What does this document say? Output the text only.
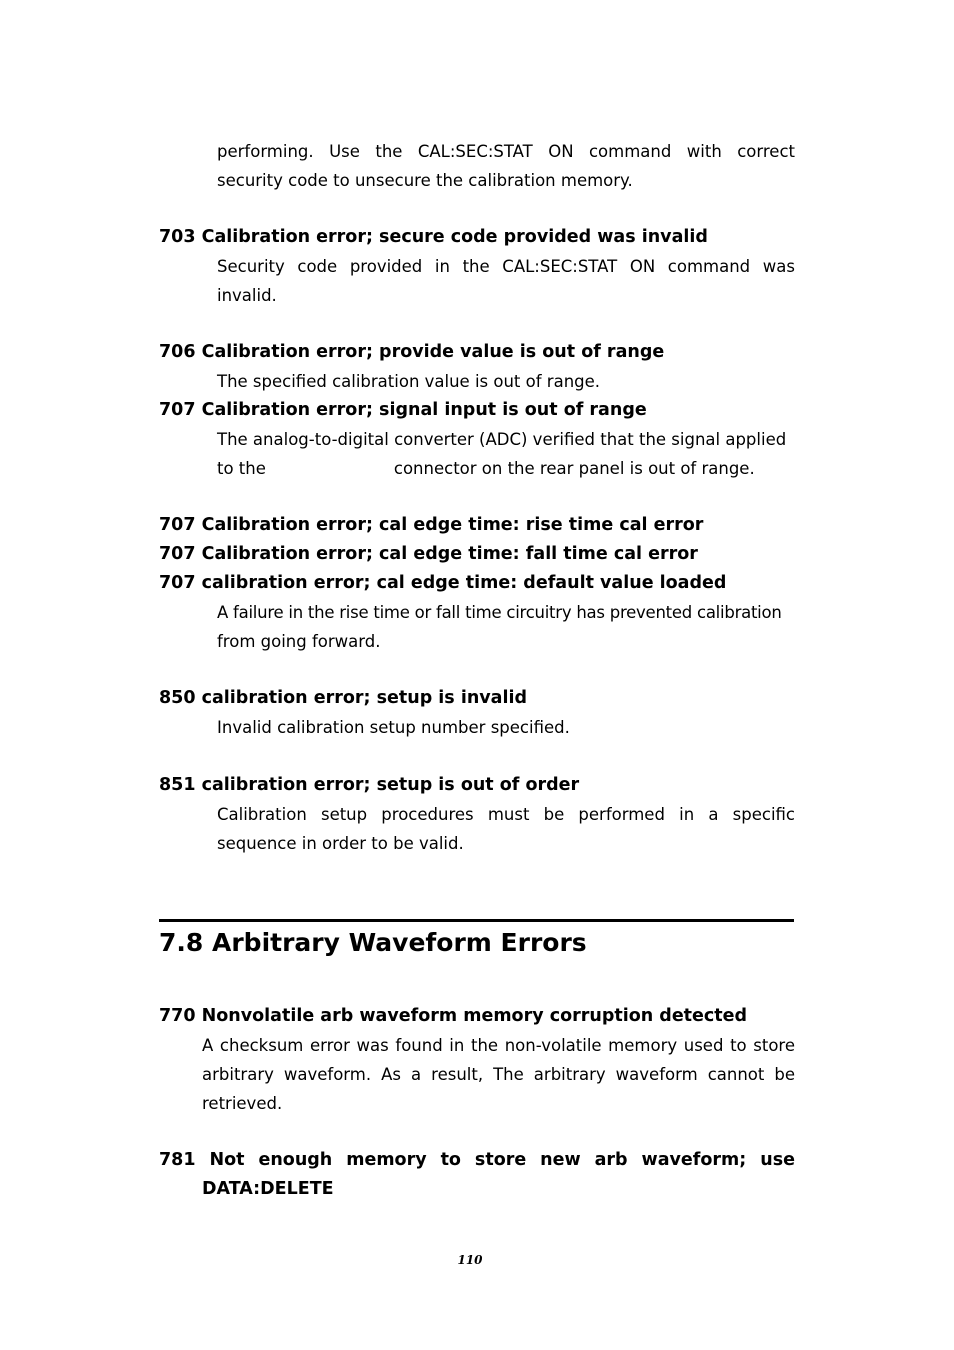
performing. Use the CAL:SEC:STAT ON command with correct
security code to unsecure the calibration memory.
703 Calibration error; secure code provided was invalid
Security code provided in the CAL:SEC:STAT ON command was
invalid.
706 Calibration error; provide value is out of range
The specified calibration value is out of range.
707 Calibration error; signal input is out of range
The analog-to-digital converter (ADC) verified that the signal applied
to the	connector on the rear panel is out of range.
707 Calibration error; cal edge time: rise time cal error
707 Calibration error; cal edge time: fall time cal error
707 calibration error; cal edge time: default value loaded
A failure in the rise time or fall time circuitry has prevented calibration
from going forward.
850 calibration error; setup is invalid
Invalid calibration setup number specified.
851 calibration error; setup is out of order
Calibration setup procedures must be performed in a specific
sequence in order to be valid.
7.8 Arbitrary Waveform Errors
770 Nonvolatile arb waveform memory corruption detected
A checksum error was found in the non-volatile memory used to store
arbitrary waveform. As a result, The arbitrary waveform cannot be
retrieved.
781 Not enough memory to store new arb waveform; use
DATA:DELETE
110
